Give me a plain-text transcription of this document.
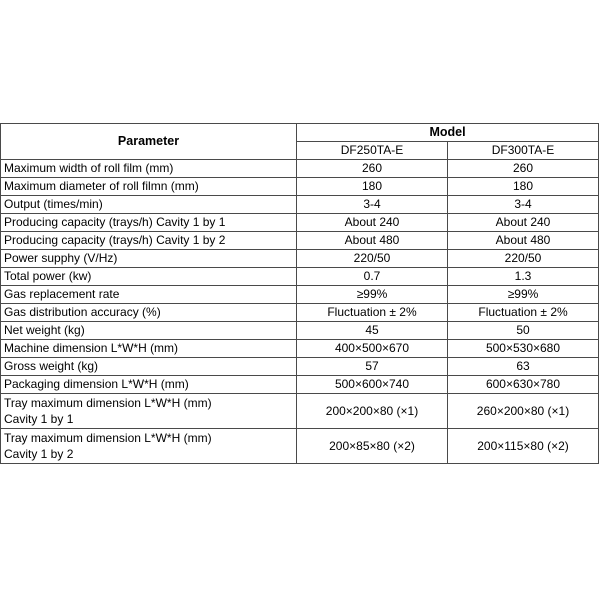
Parameter	Model	
	DF250TA-E	DF300TA-E
Maximum width of roll film (mm)	260	260
Maximum diameter of roll filmn (mm)	180	180
Output (times/min)	3-4	3-4
Producing capacity (trays/h) Cavity 1 by 1	About 240	About 240
Producing capacity (trays/h) Cavity 1 by 2	About 480	About 480
Power supphy (V/Hz)	220/50	220/50
Total power (kw)	0.7	1.3
Gas replacement rate	≥99%	≥99%
Gas distribution accuracy (%)	Fluctuation ± 2%	Fluctuation ± 2%
Net weight (kg)	45	50
Machine dimension L*W*H (mm)	400×500×670	500×530×680
Gross weight (kg)	57	63
Packaging dimension L*W*H (mm)	500×600×740	600×630×780

Tray maximum dimension L*W*H (mm)
Cavity 1 by 1	200×200×80 (×1)	260×200×80 (×1)

Tray maximum dimension L*W*H (mm)
Cavity 1 by 2	200×85×80 (×2)	200×115×80 (×2)
